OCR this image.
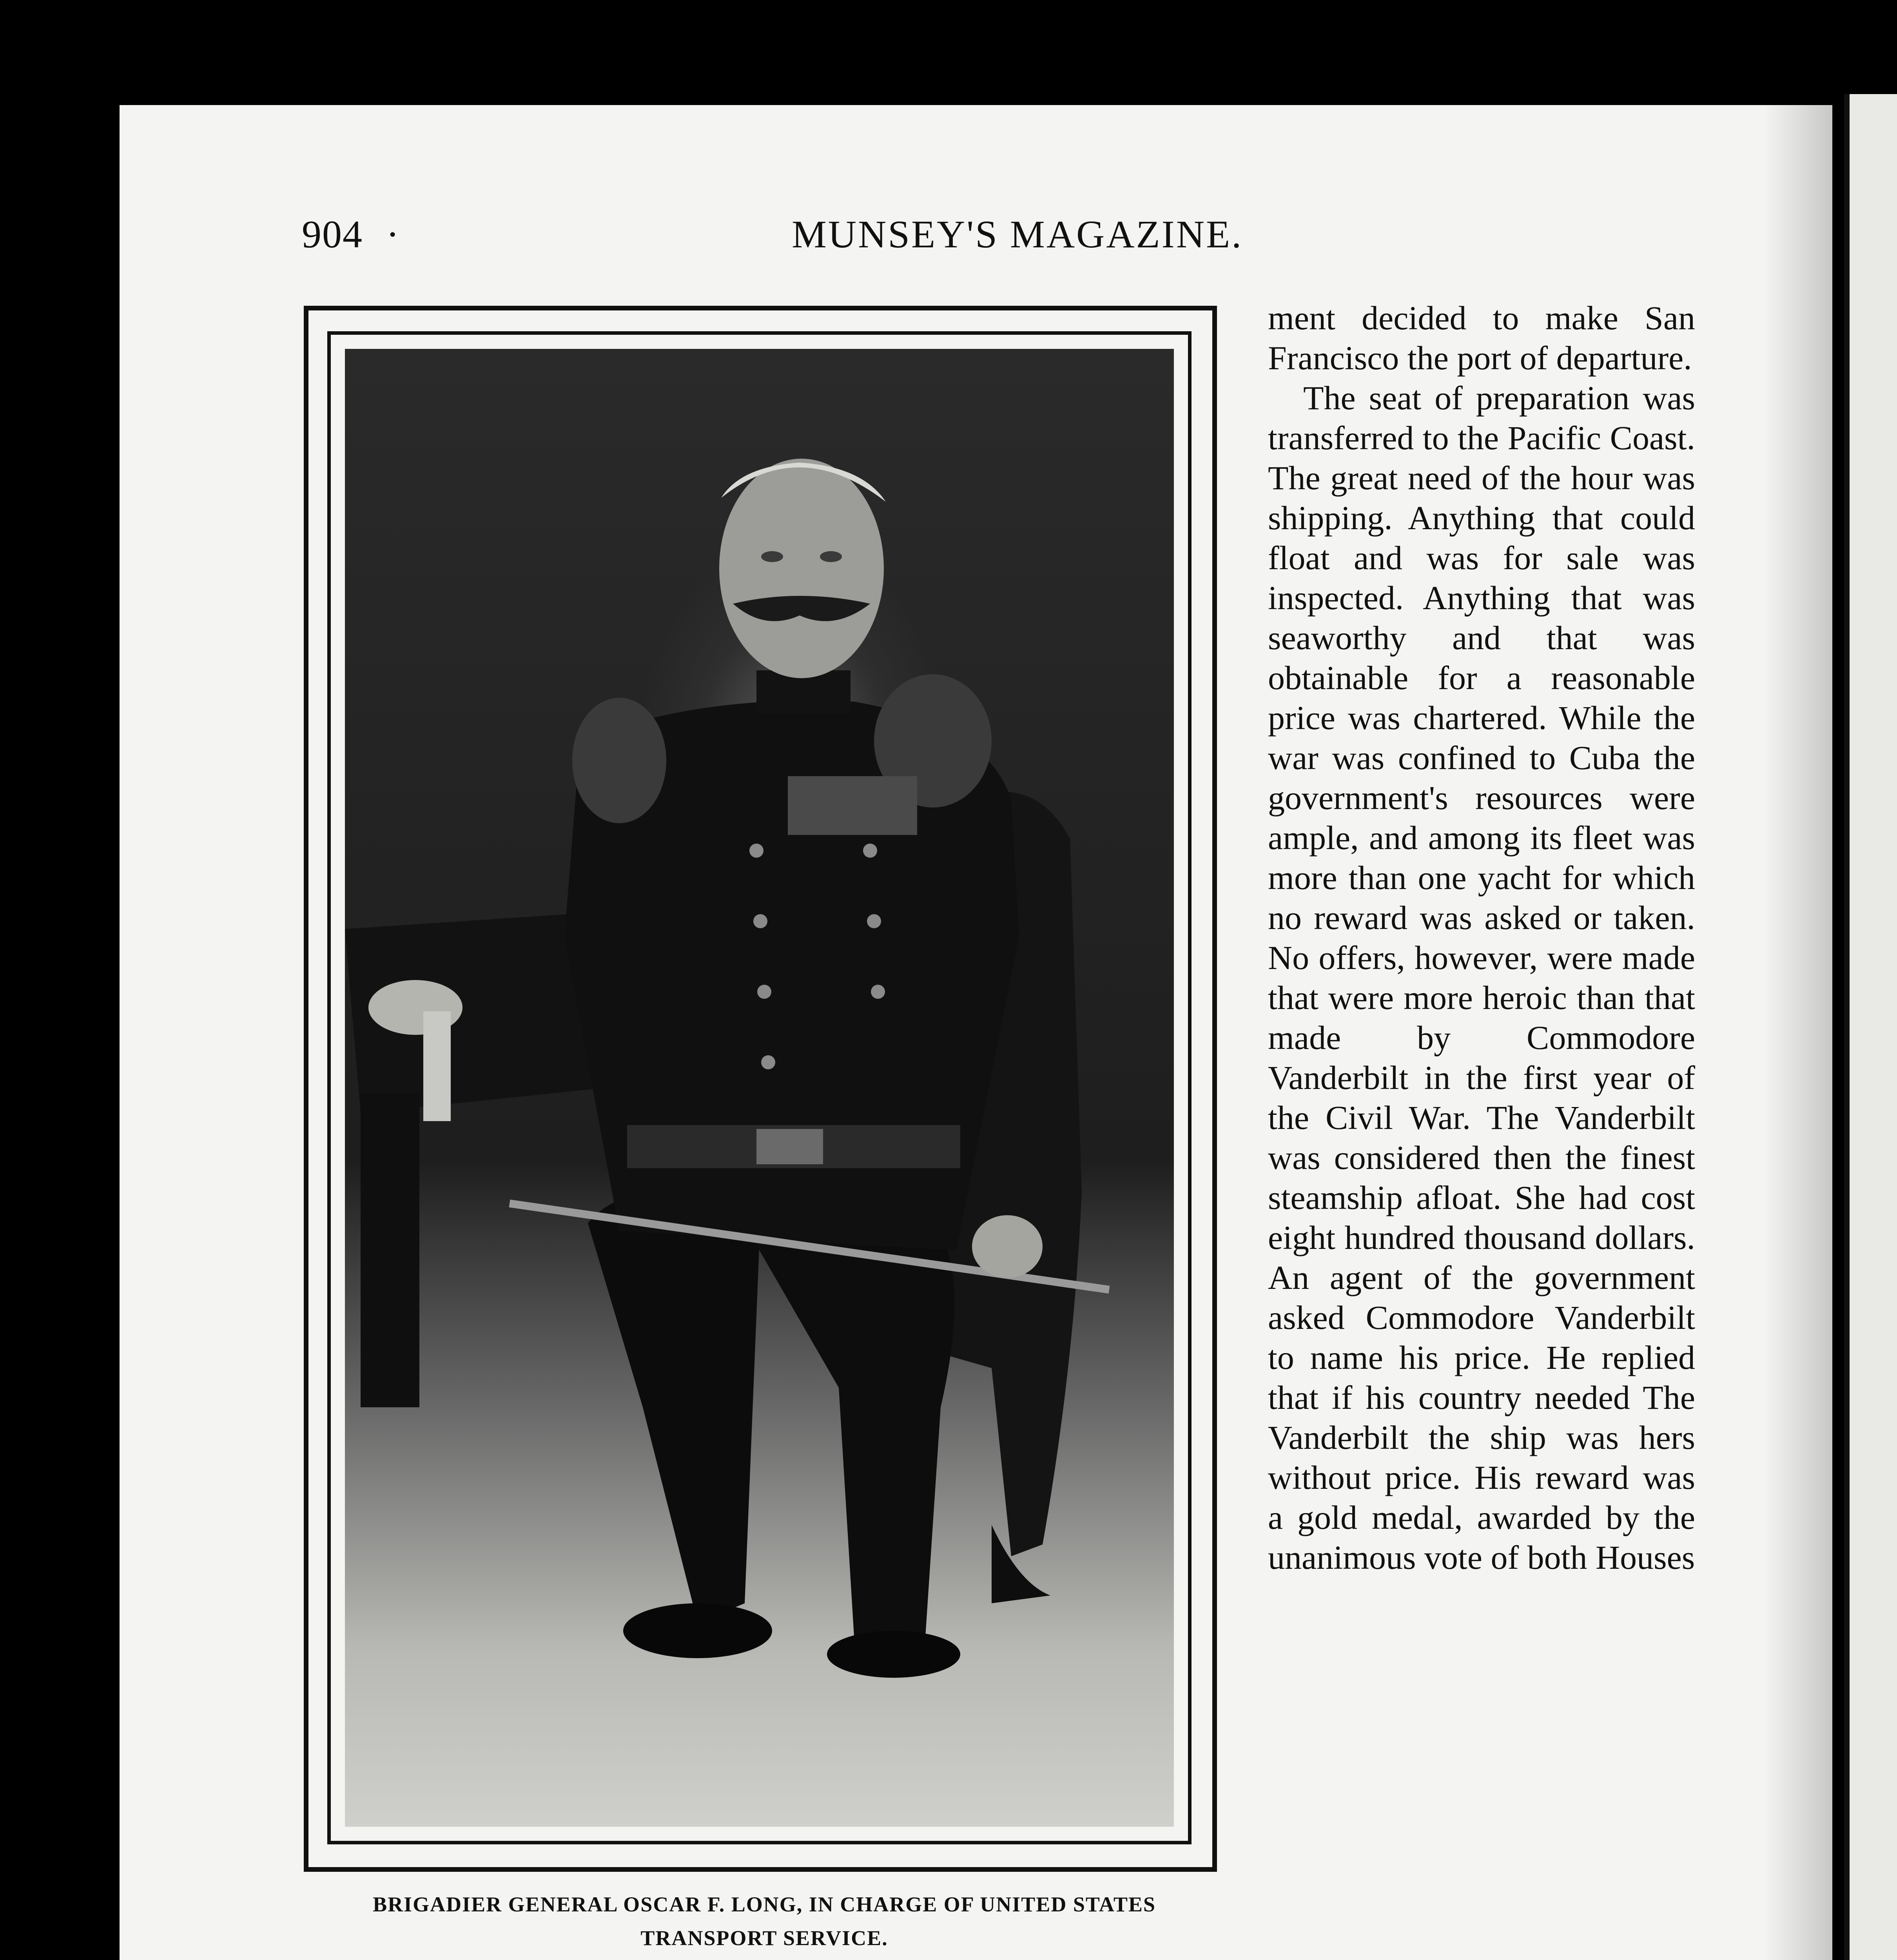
904 ·	MUNSEY'S MAGAZINE.
BRIGADIER GENERAL OSCAR F. LONG, IN CHARGE OF UNITED STATES
TRANSPORT SERVICE.

ment decided to make San Francisco the port of departure.

The seat of preparation was transferred to the Pacific Coast. The great need of the hour was shipping. Anything that could float and was for sale was inspected. Anything that was seaworthy and that was obtainable for a reasonable price was chartered. While the war was confined to Cuba the government's resources were ample, and among its fleet was more than one yacht for which no reward was asked or taken. No offers, however, were made that were more heroic than that made by Commodore Vanderbilt in the first year of the Civil War. The Vanderbilt was considered then the finest steamship afloat. She had cost eight hundred thousand dollars. An agent of the government asked Commodore Vanderbilt to name his price. He replied that if his country needed The Vanderbilt the ship was hers without price. His reward was a gold medal, awarded by the unanimous vote of both Houses
